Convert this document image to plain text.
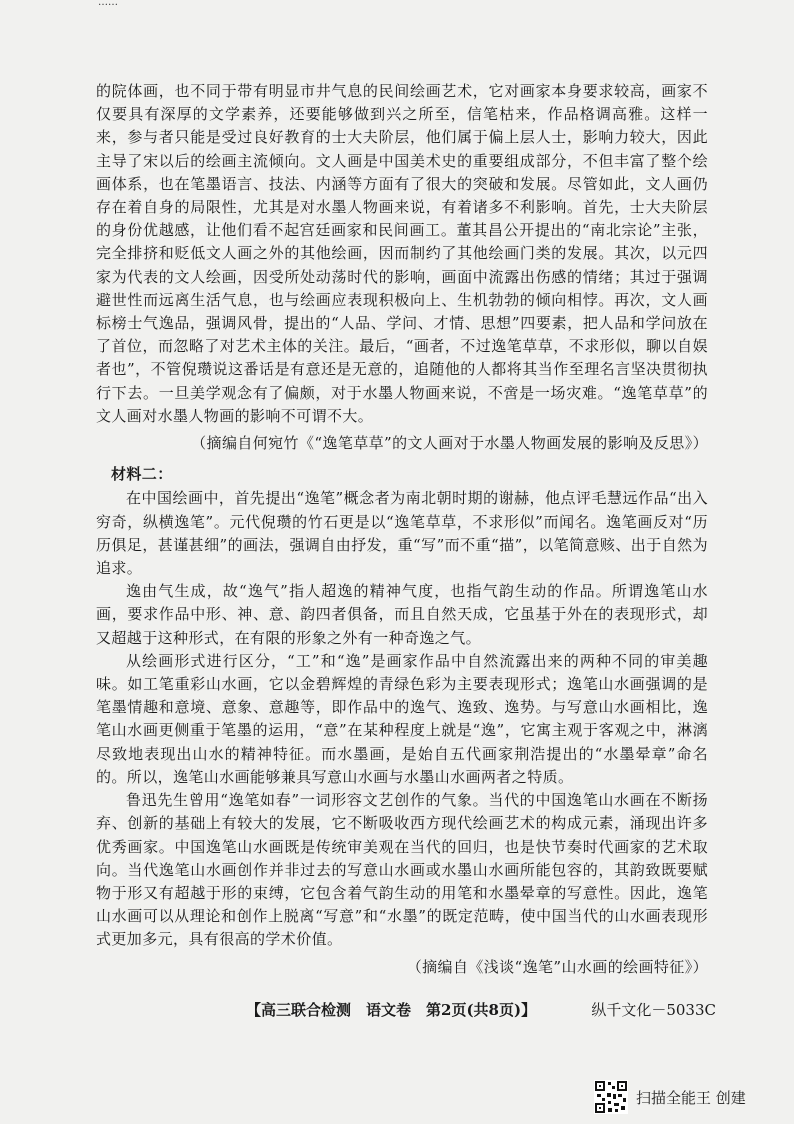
……

的院体画，也不同于带有明显市井气息的民间绘画艺术，它对画家本身要求较高，画家不仅要具有深厚的文学素养，还要能够做到兴之所至，信笔枯来，作品格调高雅。这样一来，参与者只能是受过良好教育的士大夫阶层，他们属于偏上层人士，影响力较大，因此主导了宋以后的绘画主流倾向。文人画是中国美术史的重要组成部分，不但丰富了整个绘画体系，也在笔墨语言、技法、内涵等方面有了很大的突破和发展。尽管如此，文人画仍存在着自身的局限性，尤其是对水墨人物画来说，有着诸多不利影响。首先，士大夫阶层的身份优越感，让他们看不起宫廷画家和民间画工。董其昌公开提出的“南北宗论”主张，完全排挤和贬低文人画之外的其他绘画，因而制约了其他绘画门类的发展。其次，以元四家为代表的文人绘画，因受所处动荡时代的影响，画面中流露出伤感的情绪；其过于强调避世性而远离生活气息，也与绘画应表现积极向上、生机勃勃的倾向相悖。再次，文人画标榜士气逸品，强调风骨，提出的“人品、学问、才情、思想”四要素，把人品和学问放在了首位，而忽略了对艺术主体的关注。最后，“画者，不过逸笔草草，不求形似，聊以自娱者也”，不管倪瓒说这番话是有意还是无意的，追随他的人都将其当作至理名言坚决贯彻执行下去。一旦美学观念有了偏颇，对于水墨人物画来说，不啻是一场灾难。“逸笔草草”的文人画对水墨人物画的影响不可谓不大。

（摘编自何宛竹《“逸笔草草”的文人画对于水墨人物画发展的影响及反思》）

材料二：

在中国绘画中，首先提出“逸笔”概念者为南北朝时期的谢赫，他点评毛慧远作品“出入穷奇，纵横逸笔”。元代倪瓒的竹石更是以“逸笔草草，不求形似”而闻名。逸笔画反对“历历俱足，甚谨甚细”的画法，强调自由抒发，重“写”而不重“描”，以笔简意赅、出于自然为追求。

逸由气生成，故“逸气”指人超逸的精神气度，也指气韵生动的作品。所谓逸笔山水画，要求作品中形、神、意、韵四者俱备，而且自然天成，它虽基于外在的表现形式，却又超越于这种形式，在有限的形象之外有一种奇逸之气。

从绘画形式进行区分，“工”和“逸”是画家作品中自然流露出来的两种不同的审美趣味。如工笔重彩山水画，它以金碧辉煌的青绿色彩为主要表现形式；逸笔山水画强调的是笔墨情趣和意境、意象、意趣等，即作品中的逸气、逸致、逸势。与写意山水画相比，逸笔山水画更侧重于笔墨的运用，“意”在某种程度上就是“逸”，它寓主观于客观之中，淋漓尽致地表现出山水的精神特征。而水墨画，是始自五代画家荆浩提出的“水墨晕章”命名的。所以，逸笔山水画能够兼具写意山水画与水墨山水画两者之特质。

鲁迅先生曾用“逸笔如春”一词形容文艺创作的气象。当代的中国逸笔山水画在不断扬弃、创新的基础上有较大的发展，它不断吸收西方现代绘画艺术的构成元素，涌现出许多优秀画家。中国逸笔山水画既是传统审美观在当代的回归，也是快节奏时代画家的艺术取向。当代逸笔山水画创作并非过去的写意山水画或水墨山水画所能包容的，其韵致既要赋物于形又有超越于形的束缚，它包含着气韵生动的用笔和水墨晕章的写意性。因此，逸笔山水画可以从理论和创作上脱离“写意”和“水墨”的既定范畴，使中国当代的山水画表现形式更加多元，具有很高的学术价值。

（摘编自《浅谈“逸笔”山水画的绘画特征》）

【高三联合检测　语文卷　第2页(共8页)】	纵千文化－5033C
扫描全能王 创建
